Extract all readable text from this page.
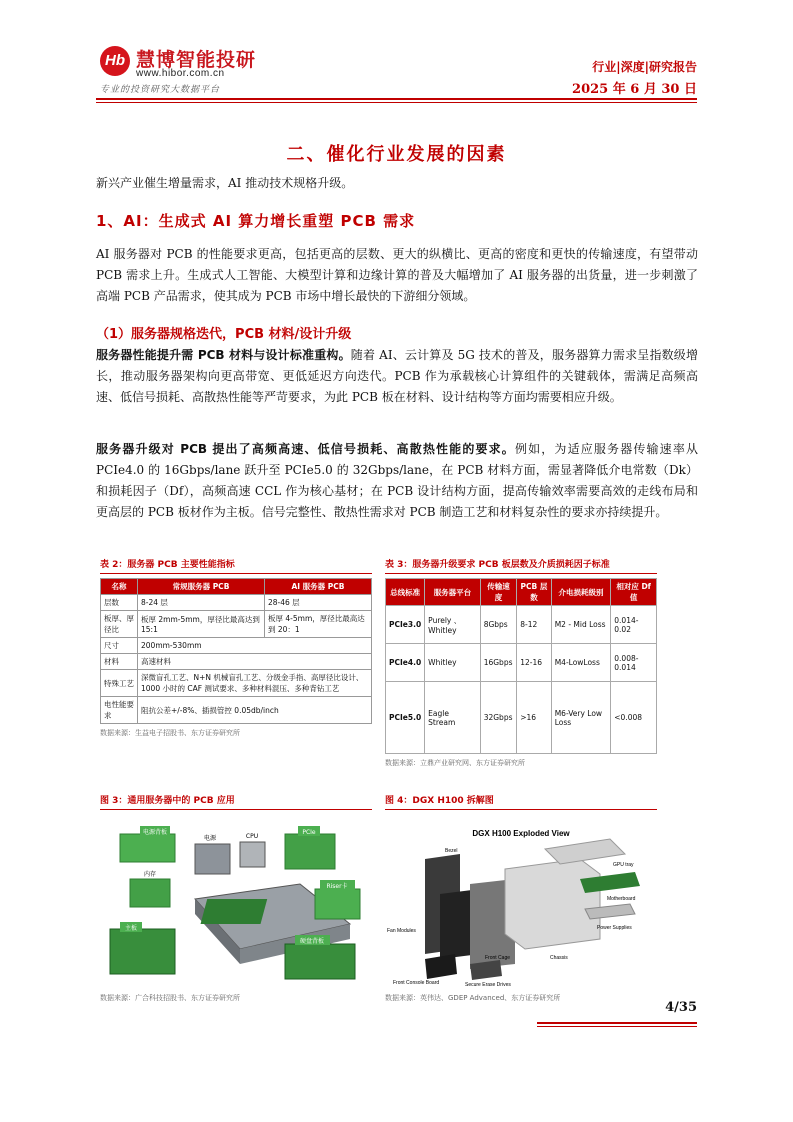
Hb 慧博智能投研
www.hibor.com.cn
专业的投资研究大数据平台
行业|深度|研究报告
2025 年 6 月 30 日
二、催化行业发展的因素
新兴产业催生增量需求，AI 推动技术规格升级。
1、AI：生成式 AI 算力增长重塑 PCB 需求
AI 服务器对 PCB 的性能要求更高，包括更高的层数、更大的纵横比、更高的密度和更快的传输速度，有望带动 PCB 需求上升。生成式人工智能、大模型计算和边缘计算的普及大幅增加了 AI 服务器的出货量，进一步刺激了高端 PCB 产品需求，使其成为 PCB 市场中增长最快的下游细分领域。
（1）服务器规格迭代，PCB 材料/设计升级
服务器性能提升需 PCB 材料与设计标准重构。随着 AI、云计算及 5G 技术的普及，服务器算力需求呈指数级增长，推动服务器架构向更高带宽、更低延迟方向迭代。PCB 作为承载核心计算组件的关键载体，需满足高频高速、低信号损耗、高散热性能等严苛要求，为此 PCB 板在材料、设计结构等方面均需要相应升级。
服务器升级对 PCB 提出了高频高速、低信号损耗、高散热性能的要求。例如，为适应服务器传输速率从 PCIe4.0 的 16Gbps/lane 跃升至 PCIe5.0 的 32Gbps/lane，在 PCB 材料方面，需显著降低介电常数（Dk）和损耗因子（Df），高频高速 CCL 作为核心基材；在 PCB 设计结构方面，提高传输效率需要高效的走线布局和更高层的 PCB 板材作为主板。信号完整性、散热性需求对 PCB 制造工艺和材料复杂性的要求亦持续提升。
表 2：服务器 PCB 主要性能指标
名称	常规服务器 PCB	AI 服务器 PCB
层数	8-24 层	28-46 层
板厚、厚径比	板厚 2mm-5mm，厚径比最高达到 15:1	板厚 4-5mm，厚径比最高达到 20：1
尺寸	200mm-530mm	
材料	高速材料	
特殊工艺	深微盲孔工艺、N+N 机械盲孔工艺、分级金手指、高厚径比设计、1000 小时的 CAF 测试要求、多种材料混压、多种背钻工艺	
电性能要求	阻抗公差+/-8%、插损管控 0.05db/inch	
数据来源：生益电子招股书、东方证券研究所
表 3：服务器升级要求 PCB 板层数及介质损耗因子标准
总线标准	服务器平台	传输速度	PCB 层数	介电损耗级别	相对应 Df 值
PCIe3.0	Purely 、Whitley	8Gbps	8-12	M2 - Mid Loss	0.014-0.02
PCIe4.0	Whitley	16Gbps	12-16	M4-LowLoss	0.008-0.014
PCIe5.0	Eagle Stream	32Gbps	>16	M6-Very Low Loss	<0.008
数据来源：立鼎产业研究网、东方证券研究所
图 3：通用服务器中的 PCB 应用
电源背板
电源	CPU
PCIe
内存
主板
Riser卡
硬盘背板
数据来源：广合科技招股书、东方证券研究所
图 4：DGX H100 拆解图
DGX H100 Exploded View
Bezel
GPU tray
Motherboard
Fan Modules
Chassis
Power Supplies
Front Cage
Front Console Board	Secure Erase Drives
数据来源：英伟达、GDEP Advanced、东方证券研究所
4/35
